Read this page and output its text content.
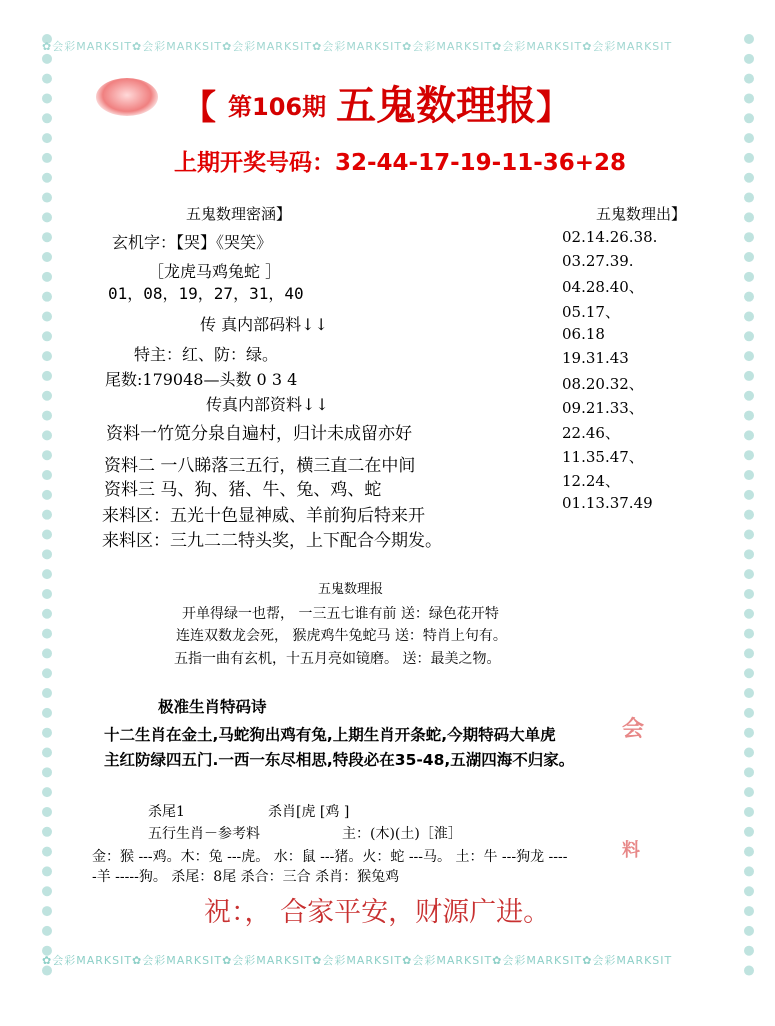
✿会彩MARKSIT✿会彩MARKSIT✿会彩MARKSIT✿会彩MARKSIT✿会彩MARKSIT✿会彩MARKSIT✿会彩MARKSIT
✿会彩MARKSIT✿会彩MARKSIT✿会彩MARKSIT✿会彩MARKSIT✿会彩MARKSIT✿会彩MARKSIT✿会彩MARKSIT
【 第106期 五鬼数理报】
上期开奖号码：32-44-17-19-11-36+28
五鬼数理密涵】
玄机字：【哭】《哭笑》
［龙虎马鸡兔蛇 ］
01，08，19，27，31，40
传 真内部码料↓↓
特主：红、防：绿。
尾数:179048—头数 0 3 4
传真内部资料↓↓
资料一竹笕分泉自遍村，归计未成留亦好
资料二 一八睇落三五行，横三直二在中间
资料三 马、狗、猪、牛、兔、鸡、蛇
来料区：五光十色显神威、羊前狗后特来开
来料区：三九二二特头奖，上下配合今期发。
五鬼数理出】
02.14.26.38.
03.27.39.
04.28.40、
05.17、
06.18
19.31.43
08.20.32、
09.21.33、
22.46、
11.35.47、
12.24、
01.13.37.49
五鬼数理报
开单得绿一也帮， 一三五七谁有前 送：绿色花开特
连连双数龙会死， 猴虎鸡牛兔蛇马 送：特肖上句有。
五指一曲有玄机，十五月亮如镜磨。 送：最美之物。
极准生肖特码诗
十二生肖在金土,马蛇狗出鸡有兔,上期生肖开条蛇,今期特码大单虎
主红防绿四五门.一西一东尽相思,特段必在35-48,五湖四海不归家。
会
料
杀尾1	杀肖[虎 [鸡 ]
五行生肖－参考料	主：(木)(土)［淮］
金：猴 ---鸡。木：兔 ---虎。 水：鼠 ---猪。火：蛇 ---马。 土：牛 ---狗龙 ----
-羊 -----狗。 杀尾：8尾 杀合：三合 杀肖：猴兔鸡
祝：， 合家平安，财源广进。
